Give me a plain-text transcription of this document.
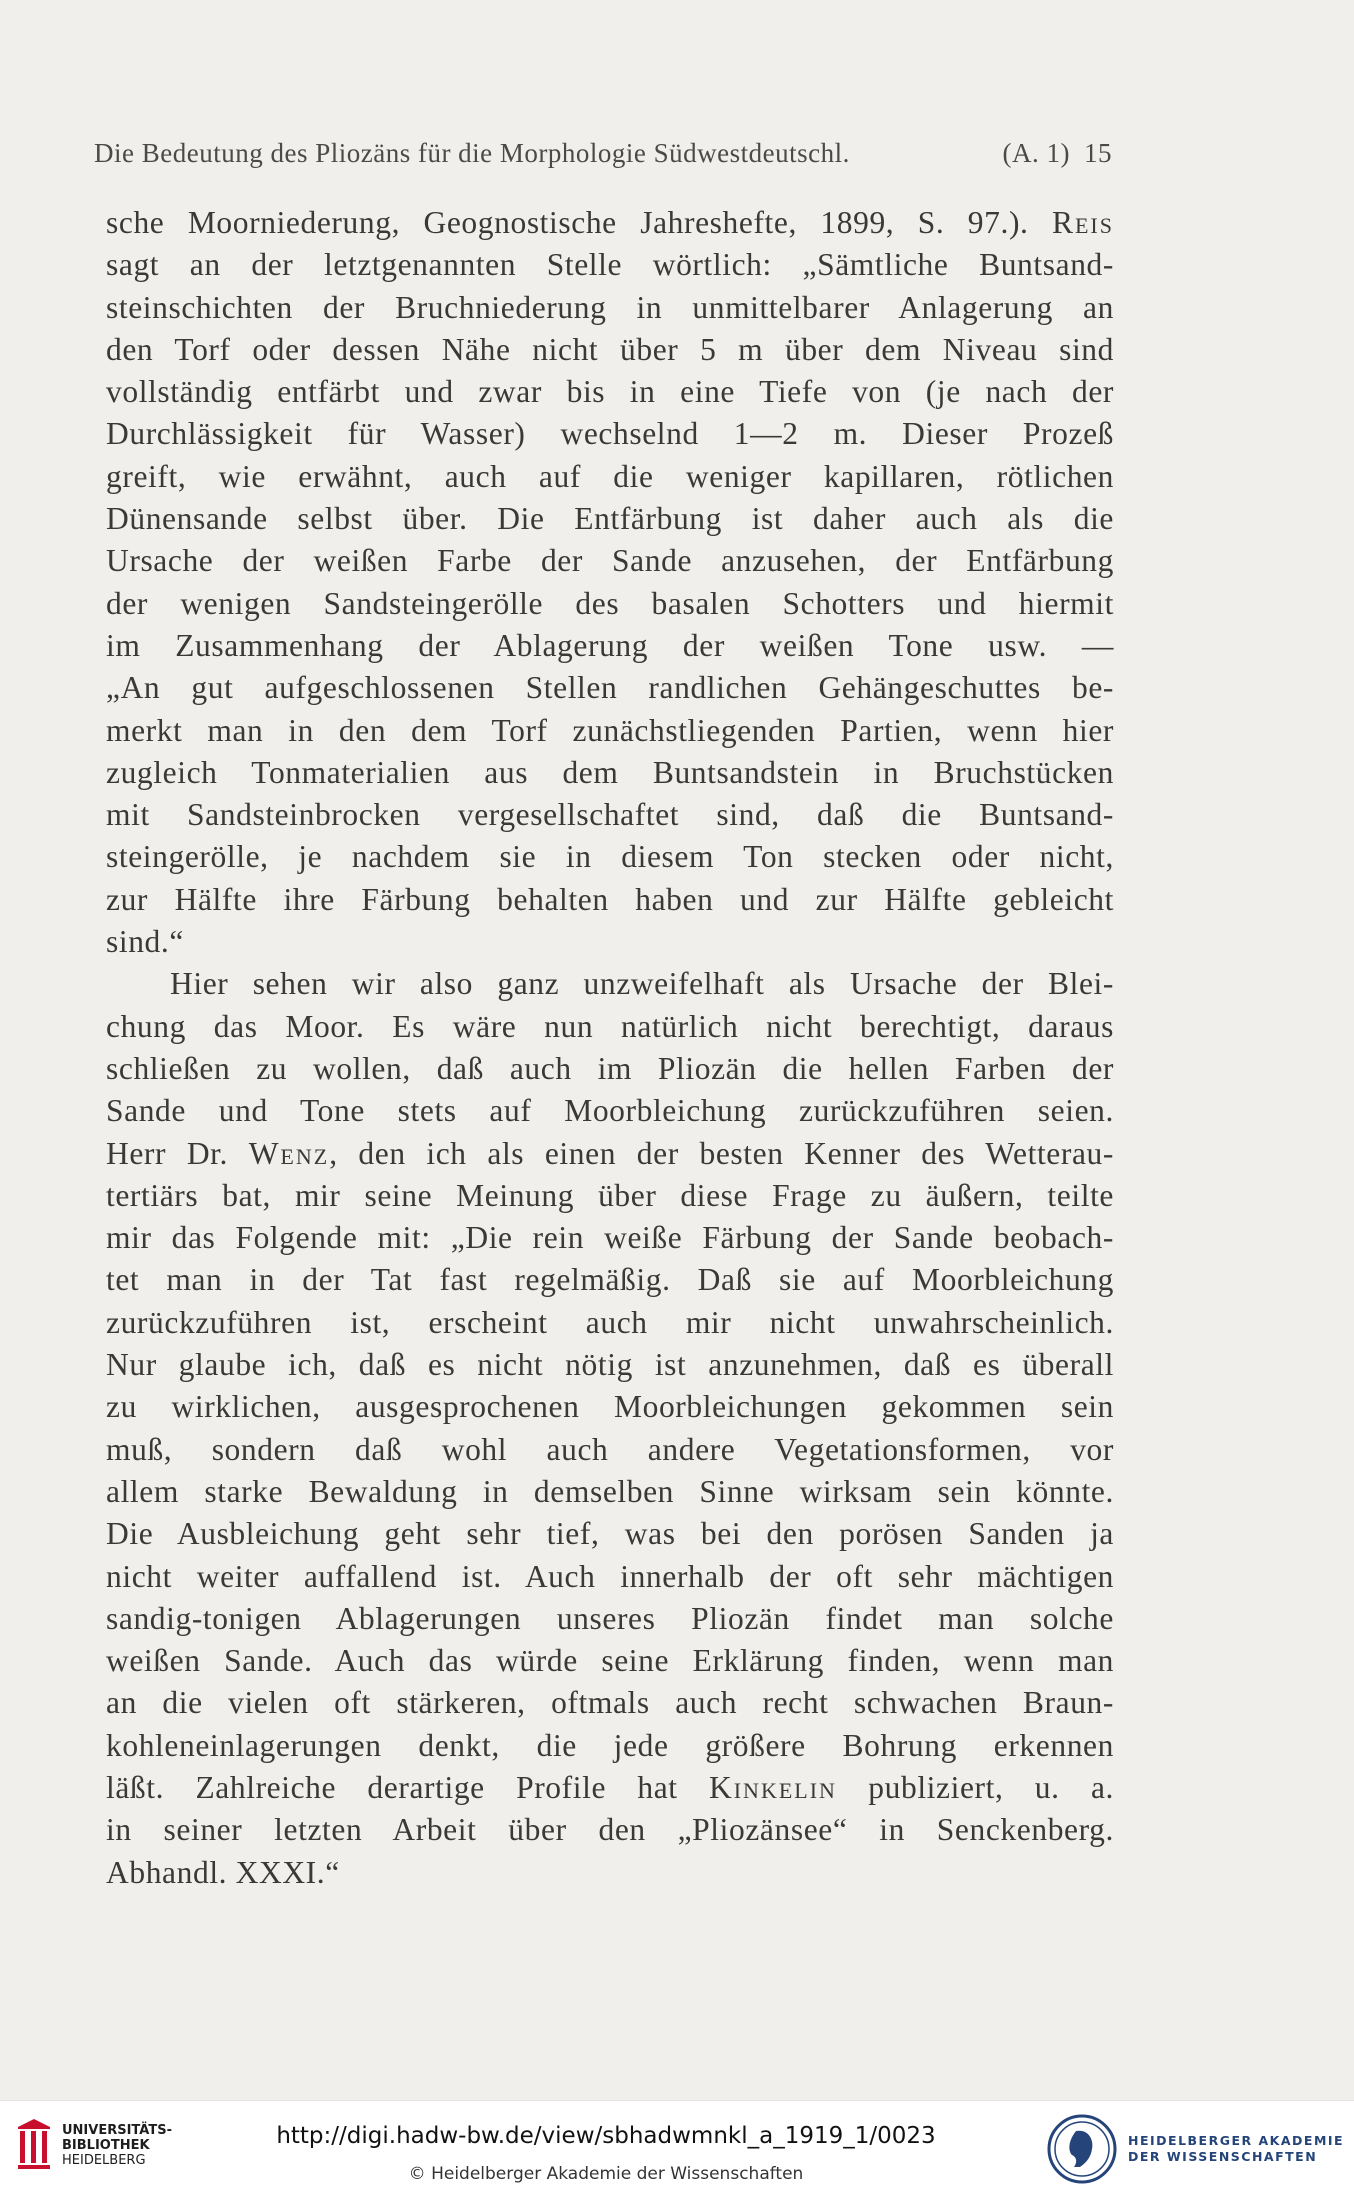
Die Bedeutung des Pliozäns für die Morphologie Südwestdeutschl.	(A. 1) 15
sche Moorniederung, Geognostische Jahreshefte, 1899, S. 97.). Reis
sagt an der letztgenannten Stelle wörtlich: „Sämtliche Buntsand-
steinschichten der Bruchniederung in unmittelbarer Anlagerung an
den Torf oder dessen Nähe nicht über 5 m über dem Niveau sind
vollständig entfärbt und zwar bis in eine Tiefe von (je nach der
Durchlässigkeit für Wasser) wechselnd 1—2 m. Dieser Prozeß
greift, wie erwähnt, auch auf die weniger kapillaren, rötlichen
Dünensande selbst über. Die Entfärbung ist daher auch als die
Ursache der weißen Farbe der Sande anzusehen, der Entfärbung
der wenigen Sandsteingerölle des basalen Schotters und hiermit
im Zusammenhang der Ablagerung der weißen Tone usw. —
„An gut aufgeschlossenen Stellen randlichen Gehängeschuttes be-
merkt man in den dem Torf zunächstliegenden Partien, wenn hier
zugleich Tonmaterialien aus dem Buntsandstein in Bruchstücken
mit Sandsteinbrocken vergesellschaftet sind, daß die Buntsand-
steingerölle, je nachdem sie in diesem Ton stecken oder nicht,
zur Hälfte ihre Färbung behalten haben und zur Hälfte gebleicht
sind.“
Hier sehen wir also ganz unzweifelhaft als Ursache der Blei-
chung das Moor. Es wäre nun natürlich nicht berechtigt, daraus
schließen zu wollen, daß auch im Pliozän die hellen Farben der
Sande und Tone stets auf Moorbleichung zurückzuführen seien.
Herr Dr. Wenz, den ich als einen der besten Kenner des Wetterau-
tertiärs bat, mir seine Meinung über diese Frage zu äußern, teilte
mir das Folgende mit: „Die rein weiße Färbung der Sande beobach-
tet man in der Tat fast regelmäßig. Daß sie auf Moorbleichung
zurückzuführen ist, erscheint auch mir nicht unwahrscheinlich.
Nur glaube ich, daß es nicht nötig ist anzunehmen, daß es überall
zu wirklichen, ausgesprochenen Moorbleichungen gekommen sein
muß, sondern daß wohl auch andere Vegetationsformen, vor
allem starke Bewaldung in demselben Sinne wirksam sein könnte.
Die Ausbleichung geht sehr tief, was bei den porösen Sanden ja
nicht weiter auffallend ist. Auch innerhalb der oft sehr mächtigen
sandig-tonigen Ablagerungen unseres Pliozän findet man solche
weißen Sande. Auch das würde seine Erklärung finden, wenn man
an die vielen oft stärkeren, oftmals auch recht schwachen Braun-
kohleneinlagerungen denkt, die jede größere Bohrung erkennen
läßt. Zahlreiche derartige Profile hat Kinkelin publiziert, u. a.
in seiner letzten Arbeit über den „Pliozänsee“ in Senckenberg.
Abhandl. XXXI.“
UNIVERSITÄTS-
BIBLIOTHEK

HEIDELBERG
http://digi.hadw-bw.de/view/sbhadwmnkl_a_1919_1/0023
© Heidelberger Akademie der Wissenschaften
HEIDELBERGER AKADEMIE
DER WISSENSCHAFTEN
